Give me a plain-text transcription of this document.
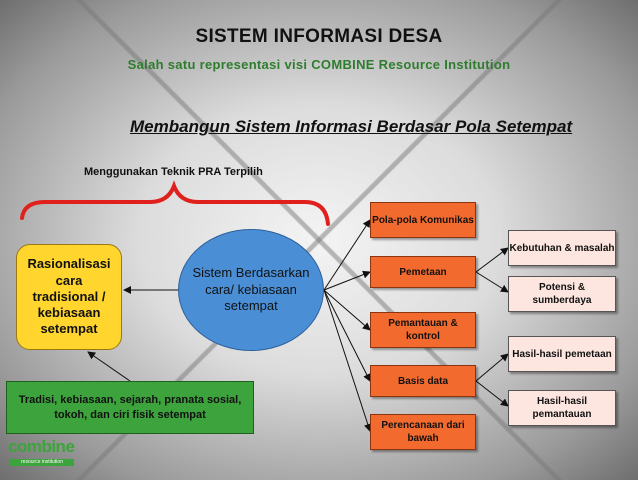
SISTEM INFORMASI DESA
Salah satu representasi visi COMBINE Resource Institution
Membangun Sistem Informasi Berdasar Pola Setempat
Menggunakan Teknik PRA Terpilih
Rasionalisasi cara tradisional / kebiasaan setempat
Sistem Berdasarkan cara/ kebiasaan setempat
Tradisi, kebiasaan, sejarah, pranata sosial, tokoh, dan ciri fisik setempat
Pola-pola Komunikas
Pemetaan
Pemantauan & kontrol
Basis data
Perencanaan dari bawah
Kebutuhan & masalah
Potensi & sumberdaya
Hasil-hasil pemetaan
Hasil-hasil pemantauan
combine
resource institution
